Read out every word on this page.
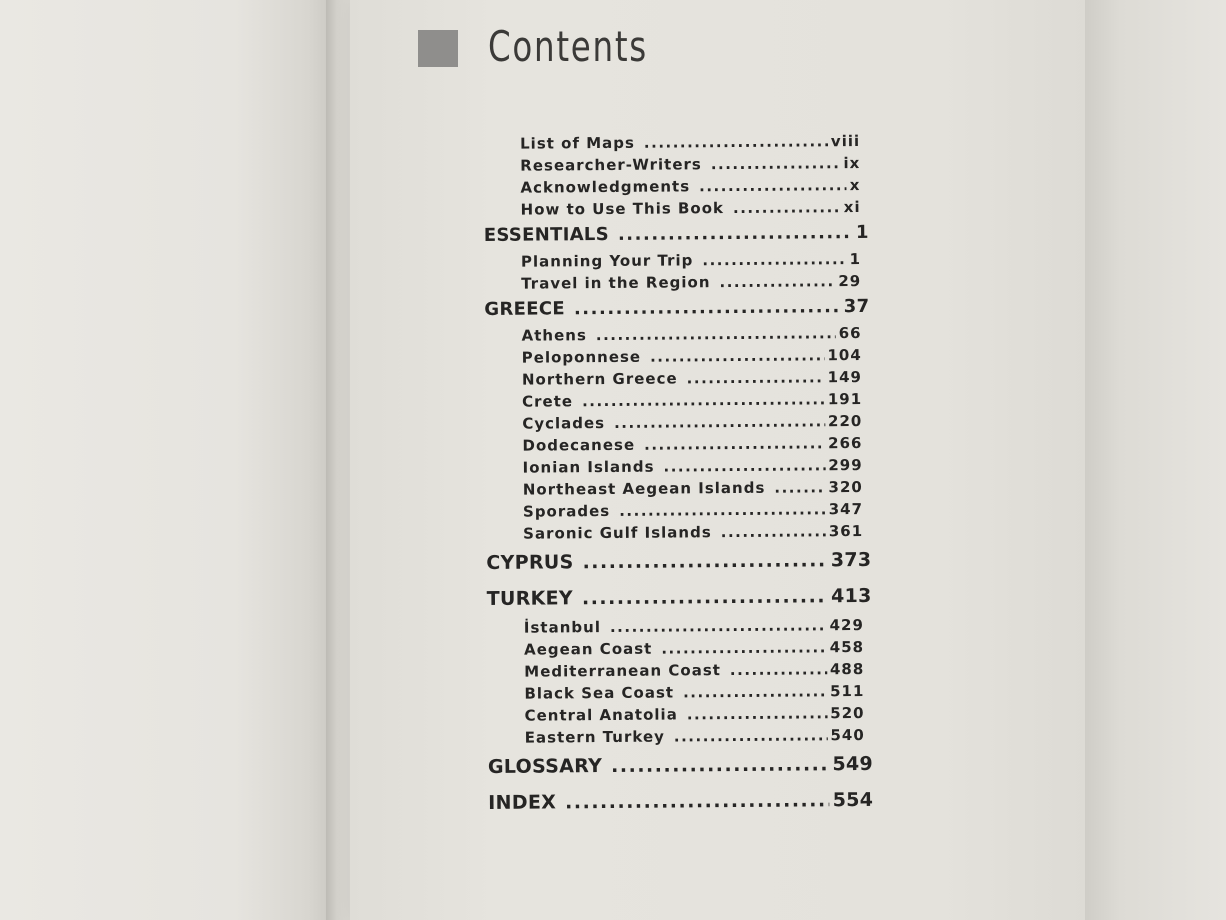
Contents
List of Maps .....	viii
Researcher-Writers .....	ix
Acknowledgments .....	x
How to Use This Book .....	xi
ESSENTIALS .....	1
Planning Your Trip .....	1
Travel in the Region .....	29
GREECE .....	37
Athens .....	66
Peloponnese .....	104
Northern Greece .....	149
Crete .....	191
Cyclades .....	220
Dodecanese .....	266
Ionian Islands .....	299
Northeast Aegean Islands .....	320
Sporades .....	347
Saronic Gulf Islands .....	361
CYPRUS .....	373
TURKEY .....	413
İstanbul .....	429
Aegean Coast .....	458
Mediterranean Coast .....	488
Black Sea Coast .....	511
Central Anatolia .....	520
Eastern Turkey .....	540
GLOSSARY .....	549
INDEX .....	554
